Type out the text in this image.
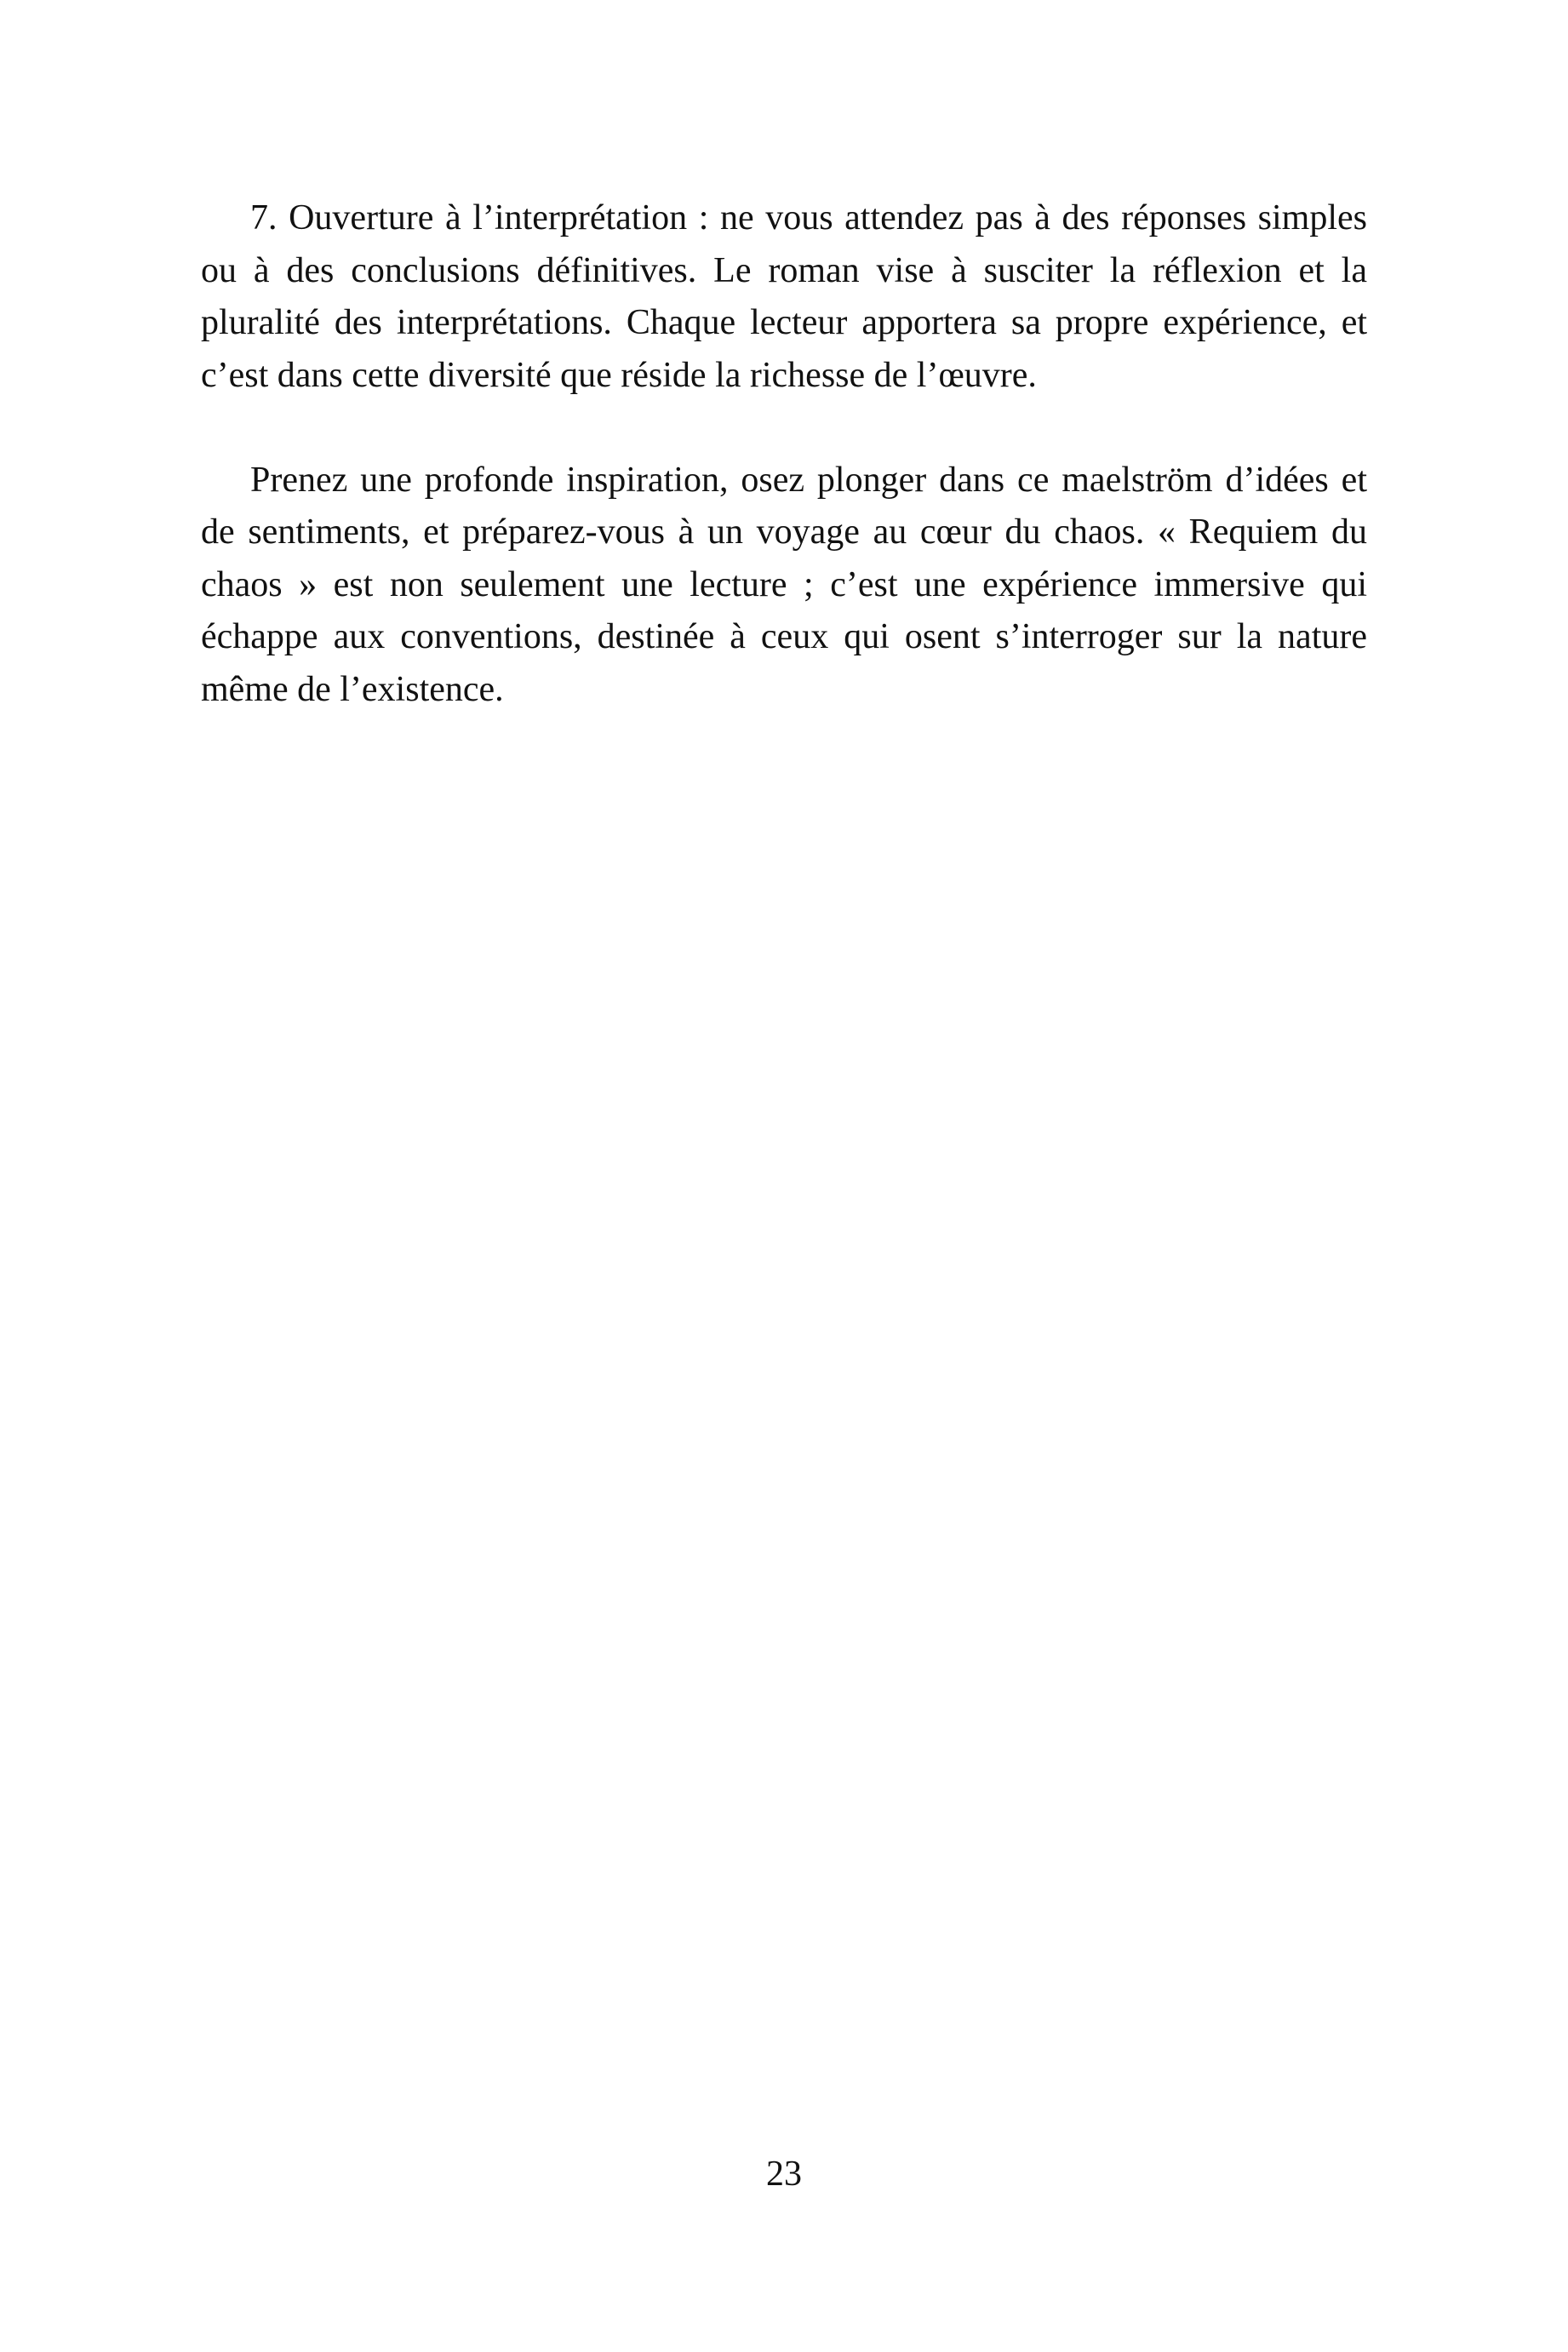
7. Ouverture à l’interprétation : ne vous attendez pas à des réponses simples ou à des conclusions définitives. Le roman vise à susciter la réflexion et la pluralité des interprétations. Chaque lecteur apportera sa propre expérience, et c’est dans cette diversité que réside la richesse de l’œuvre.

Prenez une profonde inspiration, osez plonger dans ce maelström d’idées et de sentiments, et préparez-vous à un voyage au cœur du chaos. « Requiem du chaos » est non seulement une lecture ; c’est une expérience immersive qui échappe aux conventions, destinée à ceux qui osent s’interroger sur la nature même de l’existence.

23
